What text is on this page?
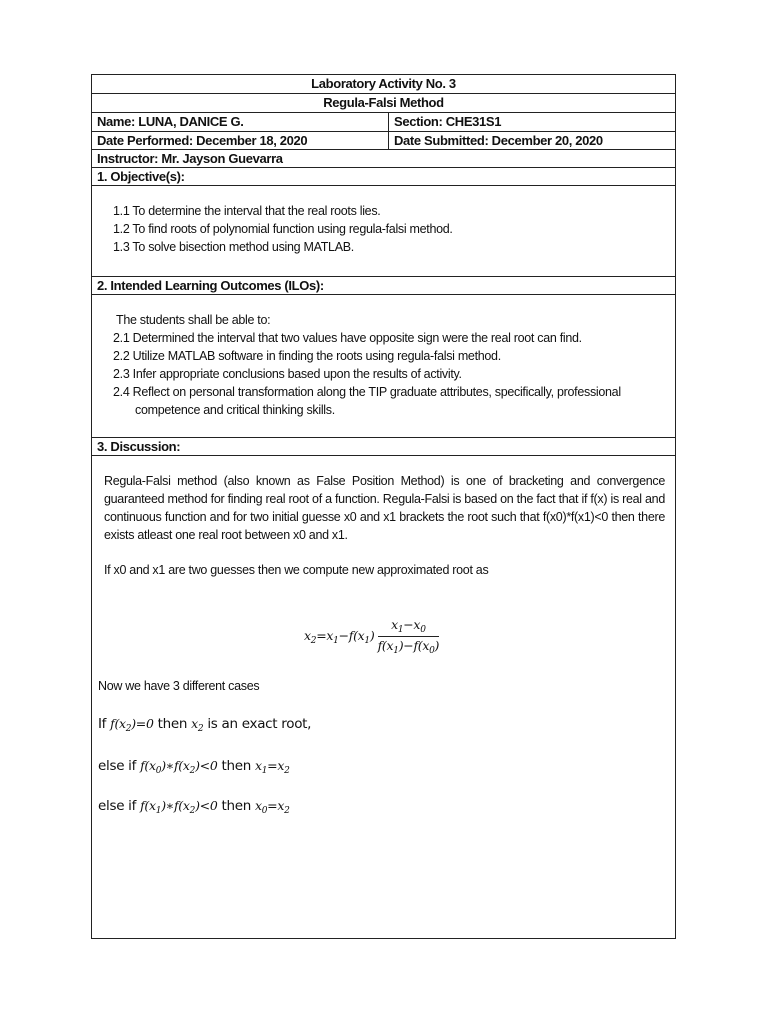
Laboratory Activity No. 3
Regula-Falsi Method
Name: LUNA, DANICE G.	Section: CHE31S1
Date Performed: December 18, 2020	Date Submitted: December 20, 2020
Instructor: Mr. Jayson Guevarra
1. Objective(s):
1.1 To determine the interval that the real roots lies.
1.2 To find roots of polynomial function using regula-falsi method.
1.3 To solve bisection method using MATLAB.
2. Intended Learning Outcomes (ILOs):
The students shall be able to:
2.1 Determined the interval that two values have opposite sign were the real root can find.
2.2 Utilize MATLAB software in finding the roots using regula-falsi method.
2.3 Infer appropriate conclusions based upon the results of activity.
2.4 Reflect on personal transformation along the TIP graduate attributes, specifically, professional
competence and critical thinking skills.
3. Discussion:
Regula-Falsi method (also known as False Position Method) is one of bracketing and convergence guaranteed method for finding real root of a function. Regula-Falsi is based on the fact that if f(x) is real and continuous function and for two initial guesse x0 and x1 brackets the root such that f(x0)*f(x1)<0 then there exists atleast one real root between x0 and x1.
If x0 and x1 are two guesses then we compute new approximated root as
$x_2=x_1-f(x_1) \frac{x_1-x_0}{f(x_1)-f(x_0)}$
Now we have 3 different cases
If $f(x_2)=0$ then $x_2$ is an exact root,
else if $f(x_0)∗f(x_2)<0$ then $x_1=x_2$
else if $f(x_1)∗f(x_2)<0$ then $x_0=x_2$
